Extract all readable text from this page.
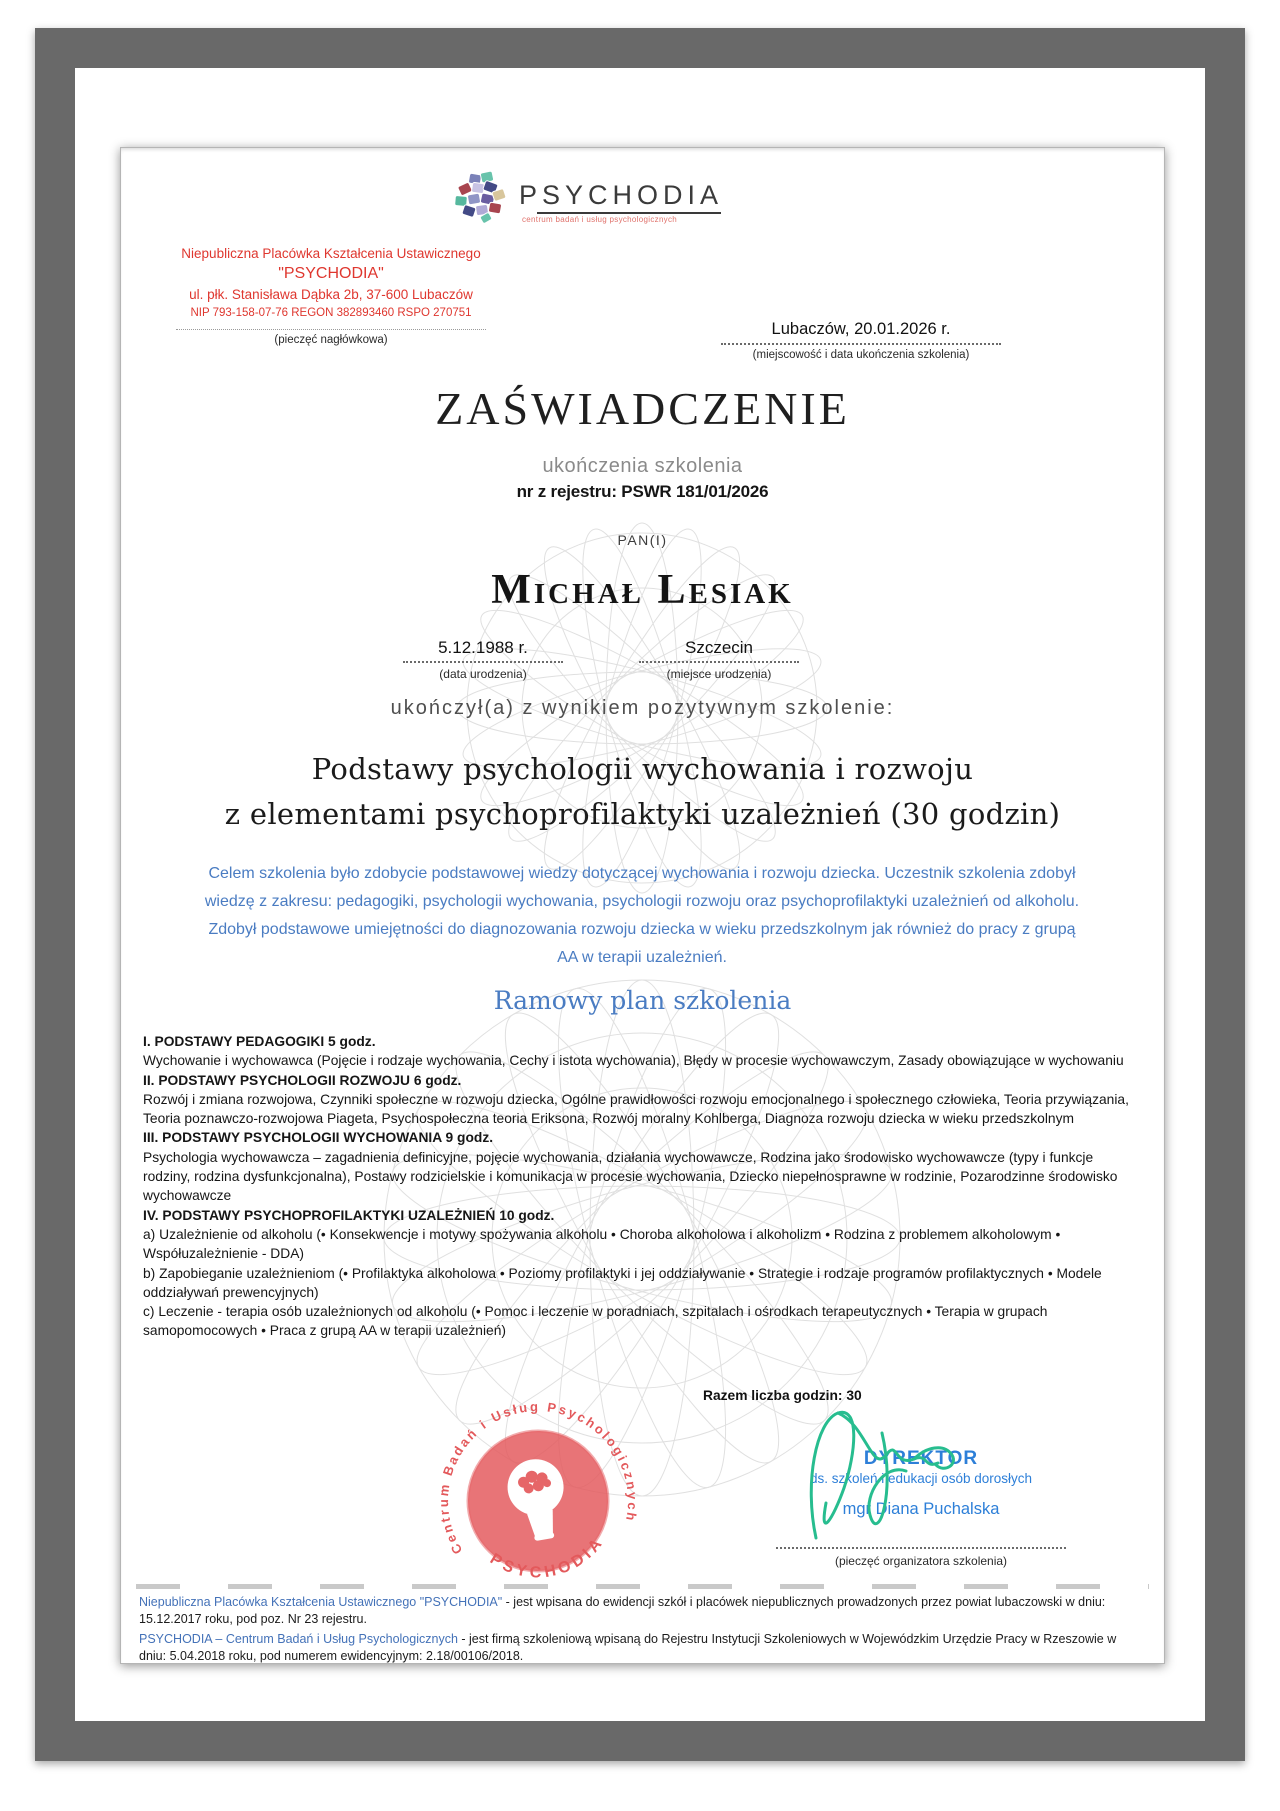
PSYCHODIA
centrum badań i usług psychologicznych
Niepubliczna Placówka Kształcenia Ustawicznego
"PSYCHODIA"
ul. płk. Stanisława Dąbka 2b, 37-600 Lubaczów
NIP 793-158-07-76 REGON 382893460 RSPO 270751
(pieczęć nagłówkowa)
Lubaczów, 20.01.2026 r.
(miejscowość i data ukończenia szkolenia)
ZAŚWIADCZENIE
ukończenia szkolenia
nr z rejestru: PSWR 181/01/2026
PAN(I)
Michał Lesiak
5.12.1988 r.
(data urodzenia)
Szczecin
(miejsce urodzenia)
ukończył(a) z wynikiem pozytywnym szkolenie:
Podstawy psychologii wychowania i rozwoju
z elementami psychoprofilaktyki uzależnień (30 godzin)
Celem szkolenia było zdobycie podstawowej wiedzy dotyczącej wychowania i rozwoju dziecka. Uczestnik szkolenia zdobył wiedzę z zakresu: pedagogiki, psychologii wychowania, psychologii rozwoju oraz psychoprofilaktyki uzależnień od alkoholu. Zdobył podstawowe umiejętności do diagnozowania rozwoju dziecka w wieku przedszkolnym jak również do pracy z grupą AA w terapii uzależnień.
Ramowy plan szkolenia
I. PODSTAWY PEDAGOGIKI 5 godz.
Wychowanie i wychowawca (Pojęcie i rodzaje wychowania, Cechy i istota wychowania), Błędy w procesie wychowawczym, Zasady obowiązujące w wychowaniu
II. PODSTAWY PSYCHOLOGII ROZWOJU 6 godz.
Rozwój i zmiana rozwojowa, Czynniki społeczne w rozwoju dziecka, Ogólne prawidłowości rozwoju emocjonalnego i społecznego człowieka, Teoria przywiązania, Teoria poznawczo-rozwojowa Piageta, Psychospołeczna teoria Eriksona, Rozwój moralny Kohlberga, Diagnoza rozwoju dziecka w wieku przedszkolnym
III. PODSTAWY PSYCHOLOGII WYCHOWANIA 9 godz.
Psychologia wychowawcza – zagadnienia definicyjne, pojęcie wychowania, działania wychowawcze, Rodzina jako środowisko wychowawcze (typy i funkcje rodziny, rodzina dysfunkcjonalna), Postawy rodzicielskie i komunikacja w procesie wychowania, Dziecko niepełnosprawne w rodzinie, Pozarodzinne środowisko wychowawcze
IV. PODSTAWY PSYCHOPROFILAKTYKI UZALEŻNIEŃ 10 godz.
a) Uzależnienie od alkoholu (• Konsekwencje i motywy spożywania alkoholu • Choroba alkoholowa i alkoholizm • Rodzina z problemem alkoholowym • Współuzależnienie - DDA)
b) Zapobieganie uzależnieniom (• Profilaktyka alkoholowa • Poziomy profilaktyki i jej oddziaływanie • Strategie i rodzaje programów profilaktycznych • Modele oddziaływań prewencyjnych)
c) Leczenie - terapia osób uzależnionych od alkoholu (• Pomoc i leczenie w poradniach, szpitalach i ośrodkach terapeutycznych • Terapia w grupach samopomocowych • Praca z grupą AA w terapii uzależnień)
Razem liczba godzin: 30
Centrum Badań i Usług Psychologicznych
PSYCHODIA
DYREKTOR
ds. szkoleń i edukacji osób dorosłych
mgr Diana Puchalska
(pieczęć organizatora szkolenia)

Niepubliczna Placówka Kształcenia Ustawicznego "PSYCHODIA" - jest wpisana do ewidencji szkół i placówek niepublicznych prowadzonych przez powiat lubaczowski w dniu: 15.12.2017 roku, pod poz. Nr 23 rejestru.

PSYCHODIA – Centrum Badań i Usług Psychologicznych - jest firmą szkoleniową wpisaną do Rejestru Instytucji Szkoleniowych w Wojewódzkim Urzędzie Pracy w Rzeszowie w dniu: 5.04.2018 roku, pod numerem ewidencyjnym: 2.18/00106/2018.
